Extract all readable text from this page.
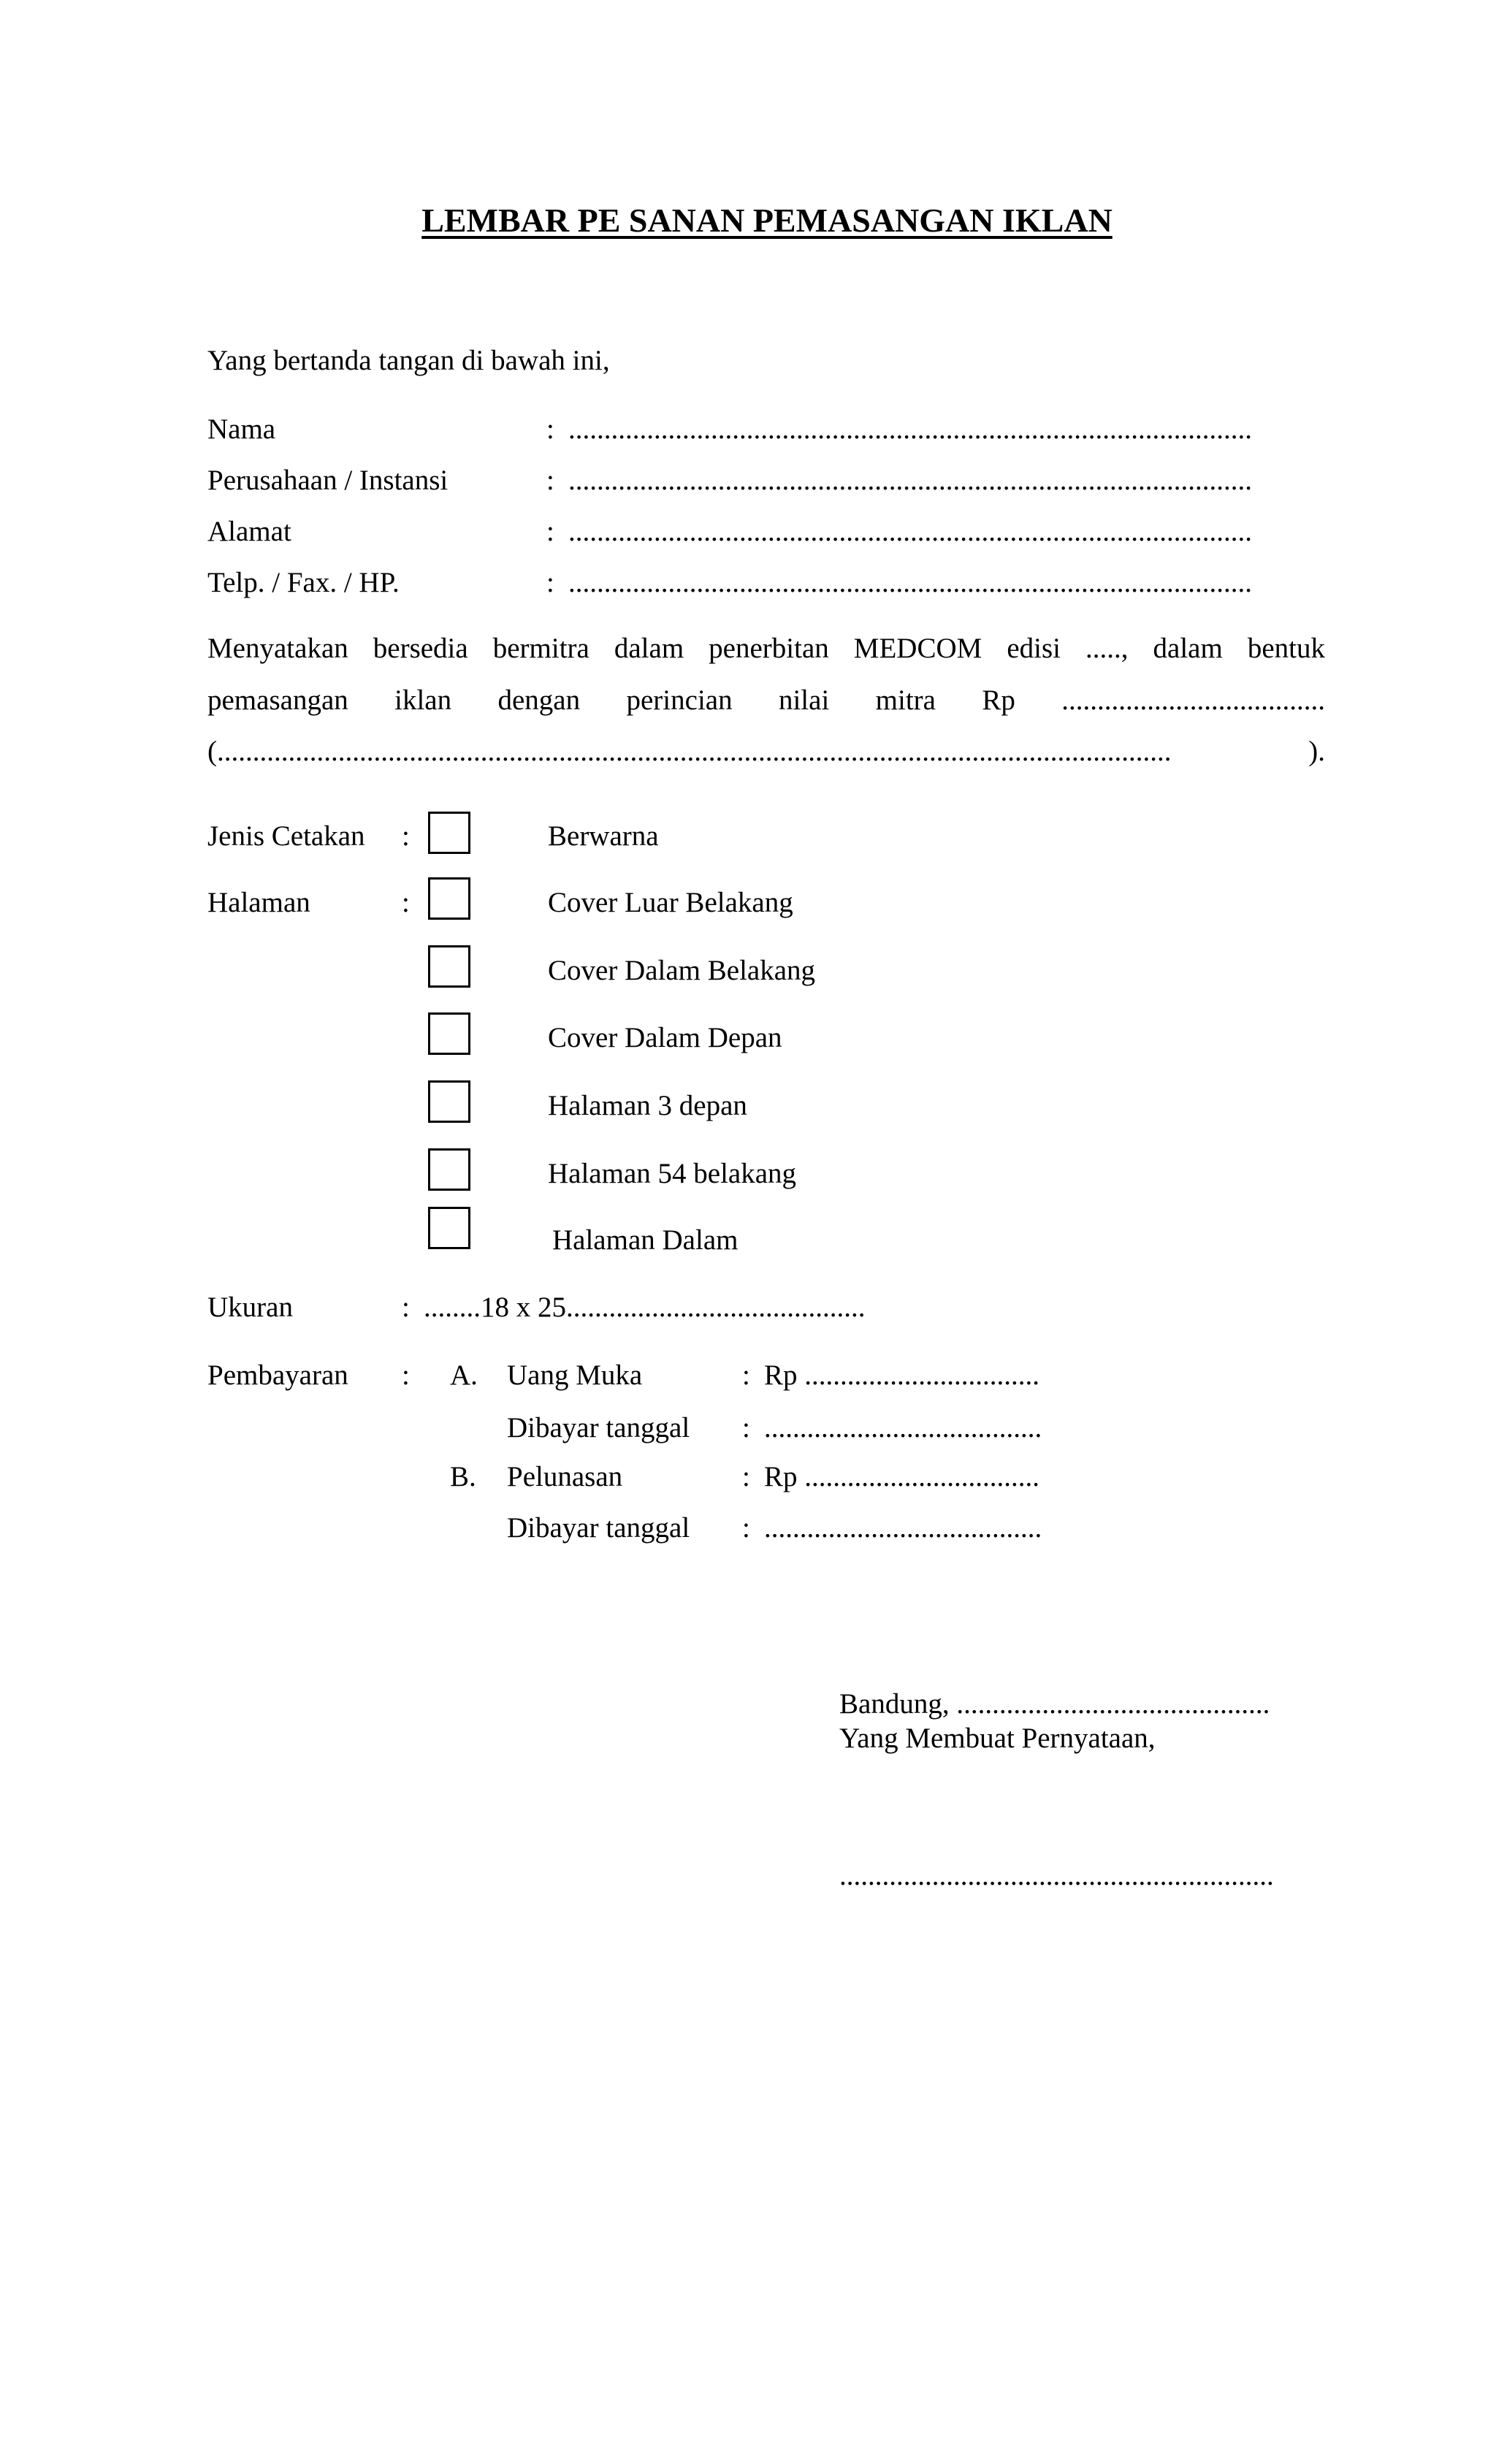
LEMBAR PE SANAN PEMASANGAN IKLAN
Yang bertanda tangan di bawah ini,
Nama	: ................................................................................................
Perusahaan / Instansi	: ................................................................................................
Alamat	: ................................................................................................
Telp. / Fax. / HP.	: ................................................................................................
Menyatakan bersedia bermitra dalam penerbitan MEDCOM edisi ....., dalam bentuk
pemasangan iklan dengan perincian nilai mitra Rp .....................................
(...................................................................................................................................... ).
Jenis Cetakan :	Berwarna
Halaman	:	Cover Luar Belakang
Cover Dalam Belakang
Cover Dalam Depan
Halaman 3 depan
Halaman 54 belakang
Halaman Dalam
Ukuran	: ........18 x 25..........................................
Pembayaran : A. Uang Muka	: Rp .................................
Dibayar tanggal : .......................................
B. Pelunasan	: Rp .................................
Dibayar tanggal : .......................................
Bandung, ............................................
Yang Membuat Pernyataan,
.............................................................
